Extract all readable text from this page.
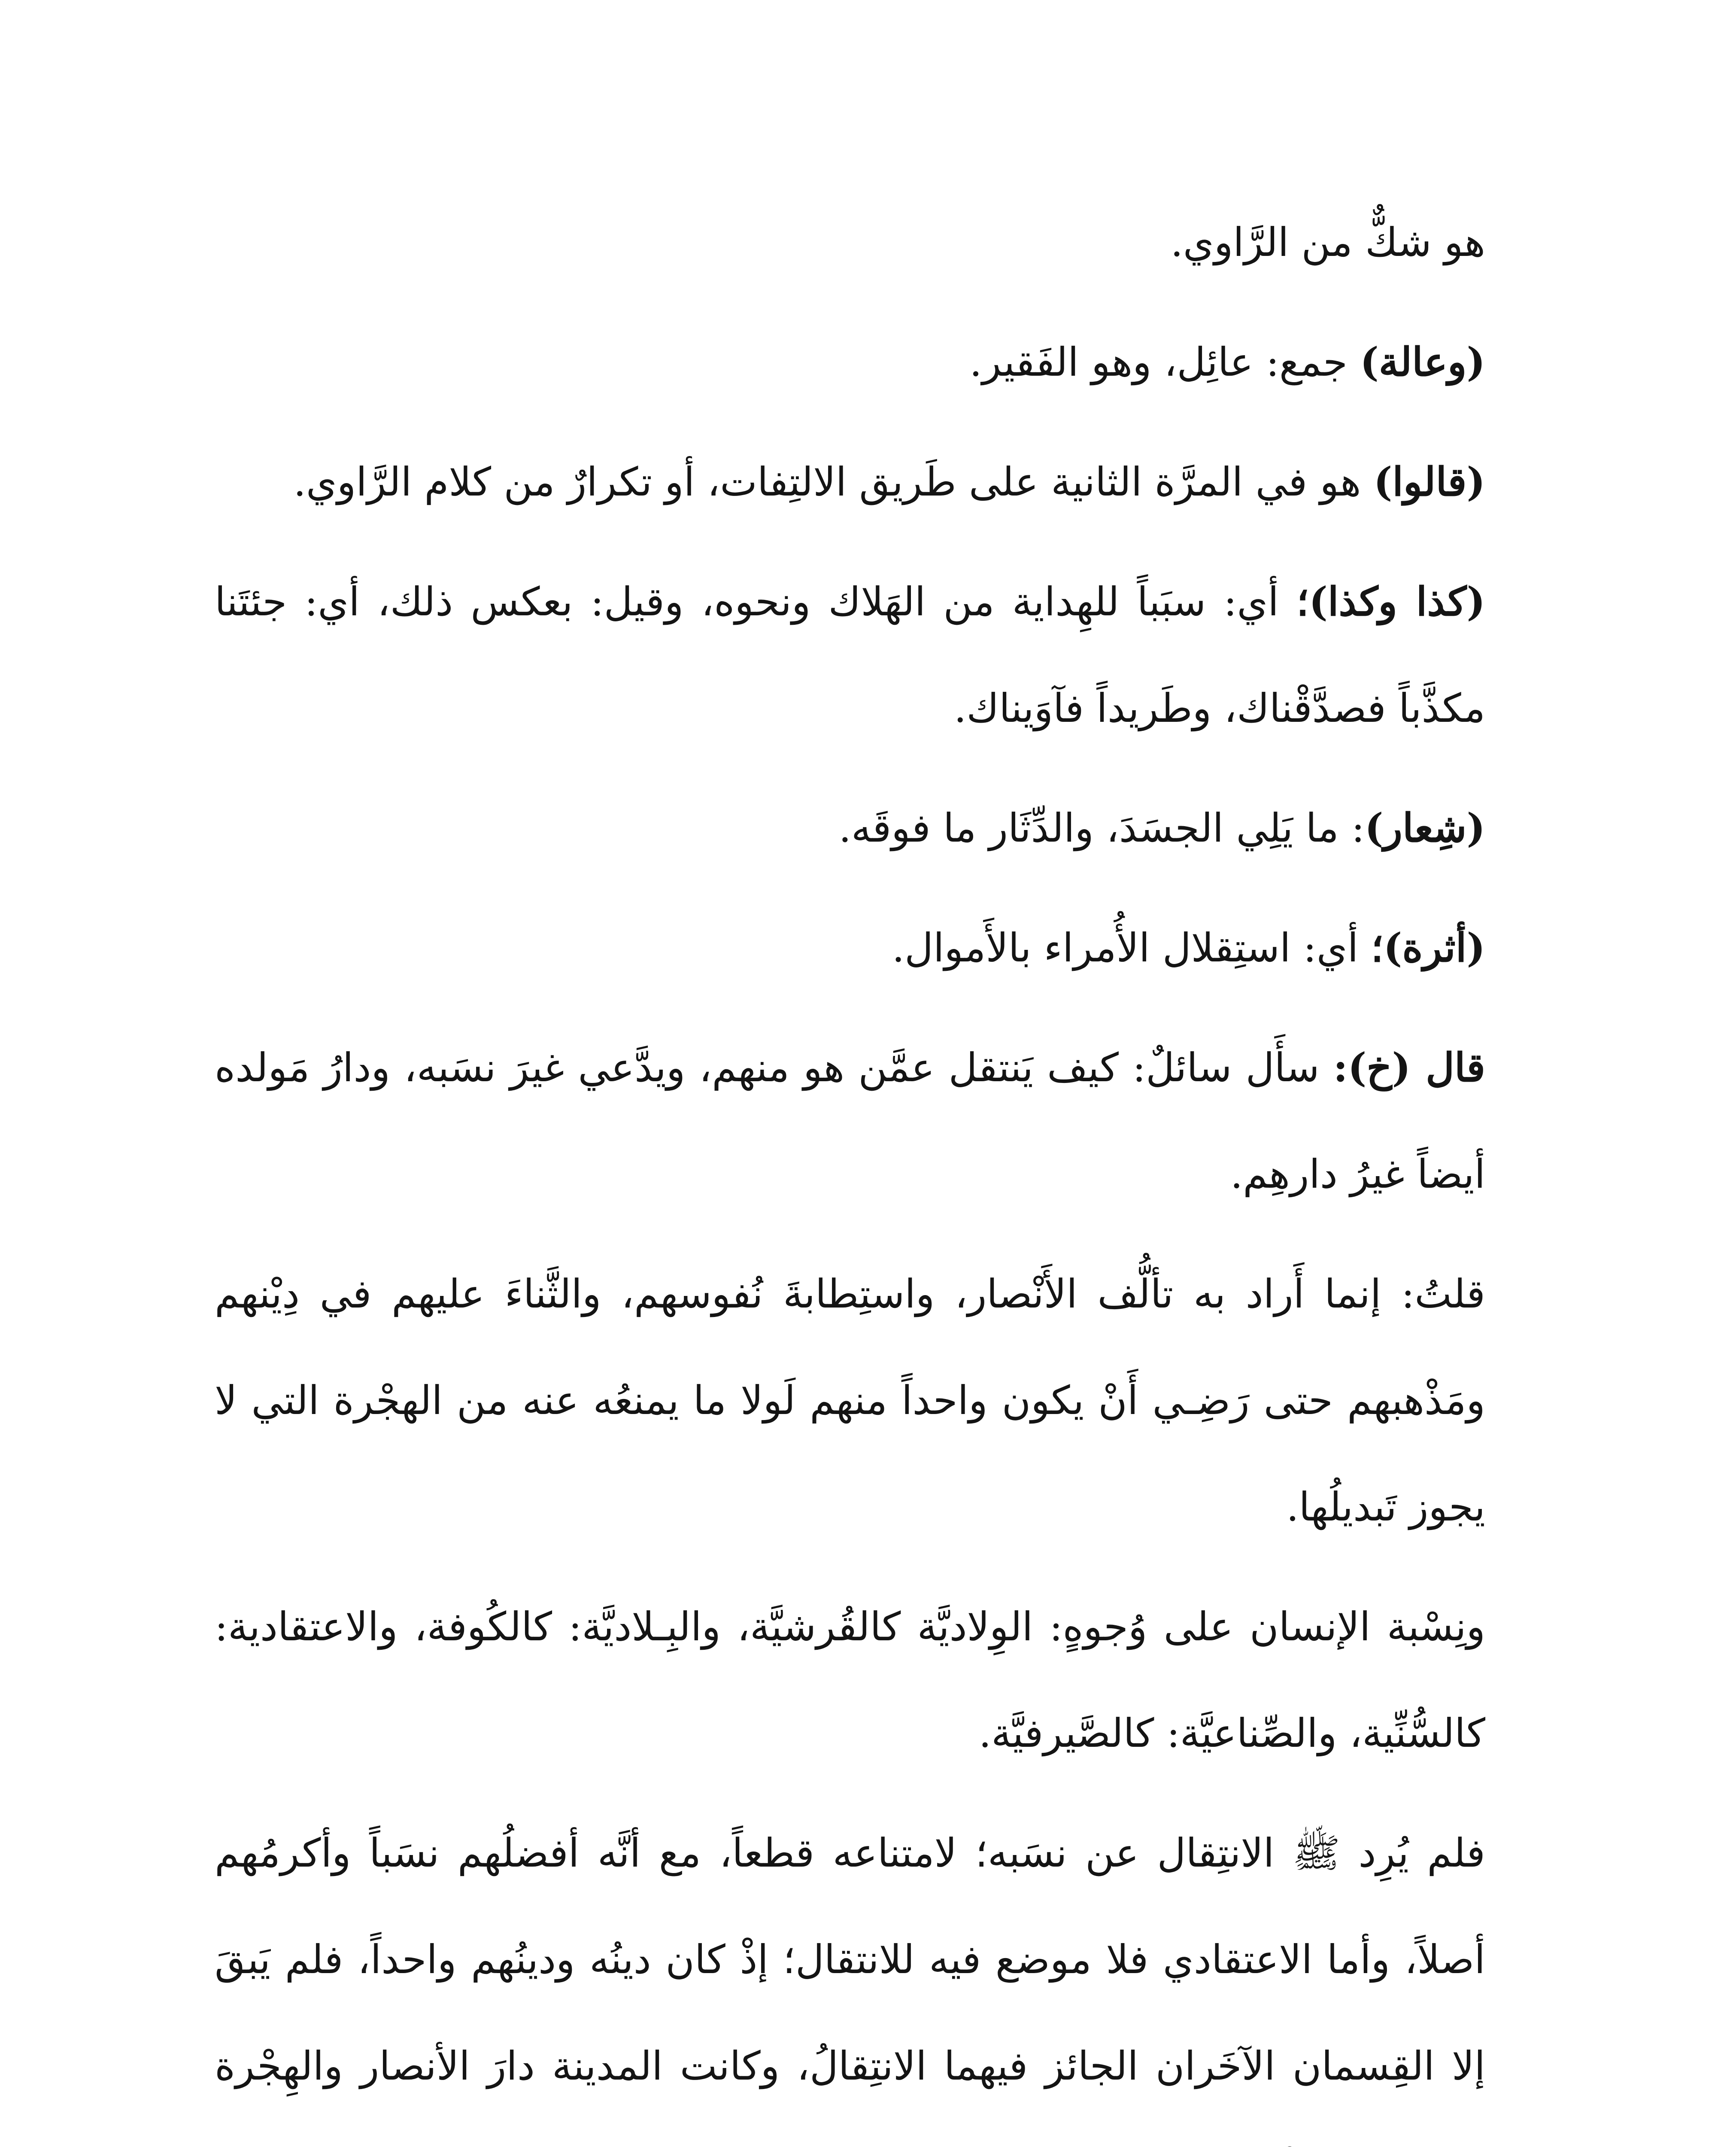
هو شكٌّ من الرَّاوي.

(وعالة) جمع: عائِل، وهو الفَقير.

(قالوا) هو في المرَّة الثانية على طَريق الالتِفات، أو تكرارٌ من كلام الرَّاوي.

(كذا وكذا)؛ أي: سبَباً للهِداية من الهَلاك ونحوه، وقيل: بعكس ذلك، أي: جئتَنا مكذَّباً فصدَّقْناك، وطَريداً فآوَيناك.

(شِعار): ما يَلِي الجسَدَ، والدِّثَار ما فوقَه.

(أثرة)؛ أي: استِقلال الأُمراء بالأَموال.

قال (خ): سأَل سائلٌ: كيف يَنتقل عمَّن هو منهم، ويدَّعي غيرَ نسَبه، ودارُ مَولده أيضاً غيرُ دارهِم.

قلتُ: إنما أَراد به تألُّف الأَنْصار، واستِطابةَ نُفوسهم، والثَّناءَ عليهم في دِيْنهم ومَذْهبهم حتى رَضِـي أَنْ يكون واحداً منهم لَولا ما يمنعُه عنه من الهجْرة التي لا يجوز تَبديلُها.

ونِسْبة الإنسان على وُجوهٍ: الوِلاديَّة كالقُرشيَّة، والبِـلاديَّة: كالكُوفة، والاعتقادية: كالسُّنِّية، والصِّناعيَّة: كالصَّيرفيَّة.

فلم يُرِد ﷺ الانتِقال عن نسَبه؛ لامتناعه قطعاً، مع أنَّه أفضلُهم نسَباً وأكرمُهم أصلاً، وأما الاعتقادي فلا موضع فيه للانتقال؛ إذْ كان دينُه ودينُهم واحداً، فلم يَبقَ إلا القِسمان الآخَران الجائز فيهما الانتِقالُ، وكانت المدينة دارَ الأنصار والهِجْرة
